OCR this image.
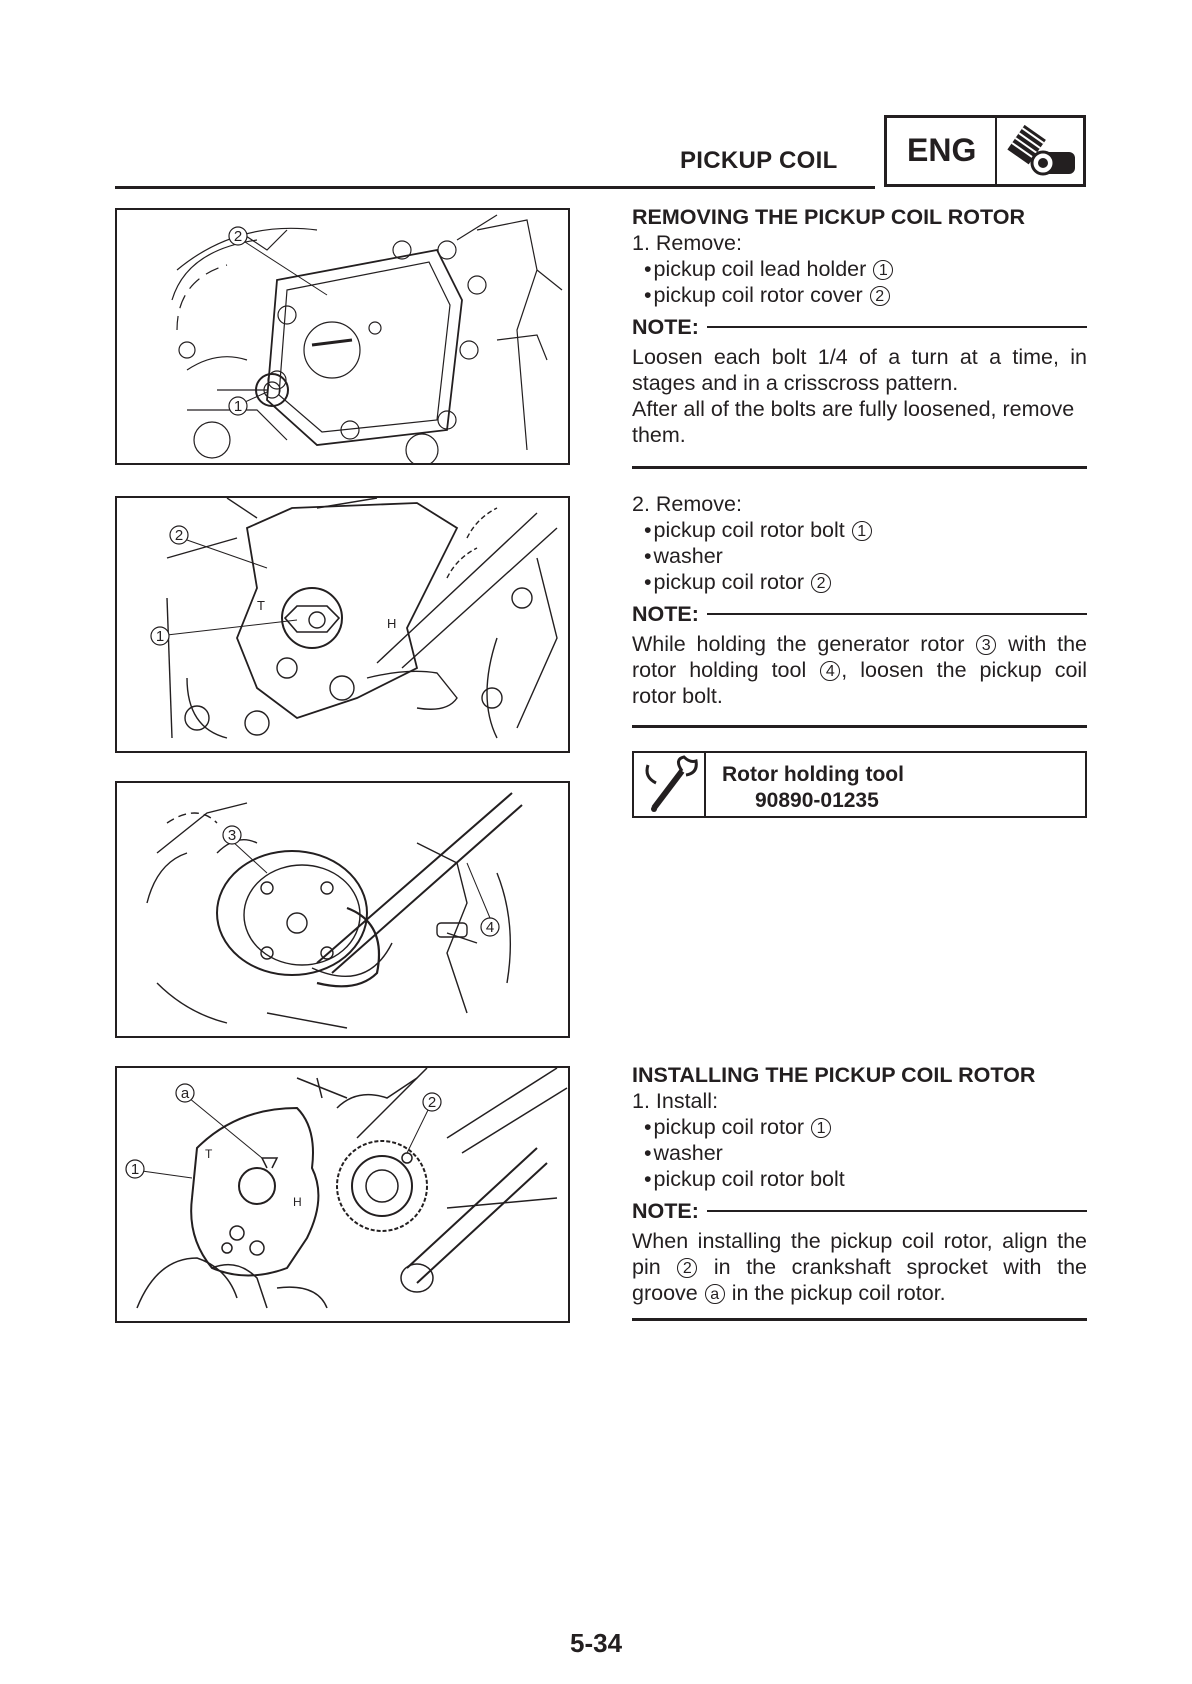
PICKUP COIL ENG
2
1
T
H
2
1
3
4
T
H
a
1
2
REMOVING THE PICKUP COIL ROTOR
1. Remove:
• pickup coil lead holder 1
• pickup coil rotor cover 2
NOTE:
Loosen each bolt 1/4 of a turn at a time, in stages and in a crisscross pattern.
After all of the bolts are fully loosened, remove them.
2. Remove:
• pickup coil rotor bolt 1
• washer
• pickup coil rotor 2
NOTE:
While holding the generator rotor 3 with the rotor holding tool 4 , loosen the pickup coil rotor bolt.
Rotor holding tool
90890-01235
INSTALLING THE PICKUP COIL ROTOR
1. Install:
• pickup coil rotor 1
• washer
• pickup coil rotor bolt
NOTE:
When installing the pickup coil rotor, align the pin 2 in the crankshaft sprocket with the groove a in the pickup coil rotor.
5-34
